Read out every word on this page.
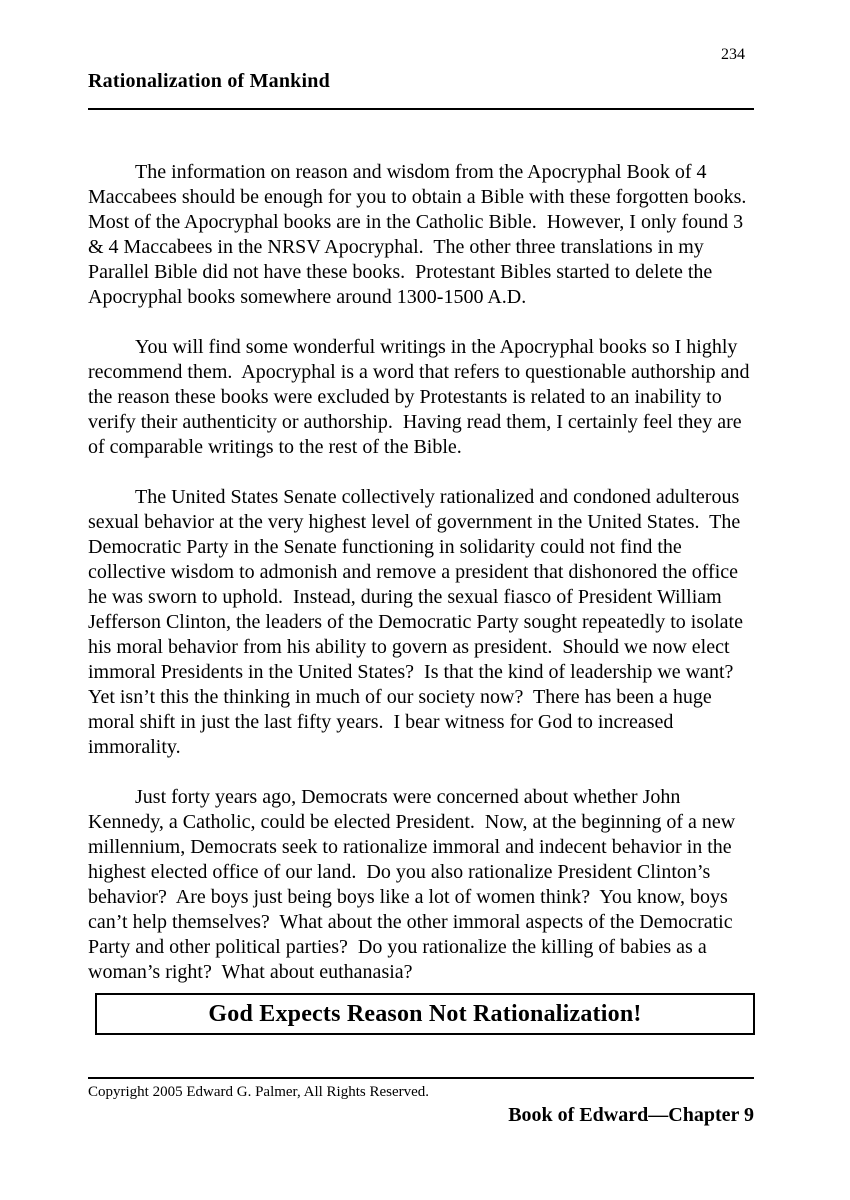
234
Rationalization of Mankind

The information on reason and wisdom from the Apocryphal Book of 4 Maccabees should be enough for you to obtain a Bible with these forgotten books.  Most of the Apocryphal books are in the Catholic Bible.  However, I only found 3 & 4 Maccabees in the NRSV Apocryphal.  The other three translations in my Parallel Bible did not have these books.  Protestant Bibles started to delete the Apocryphal books somewhere around 1300-1500 A.D.

You will find some wonderful writings in the Apocryphal books so I highly recommend them.  Apocryphal is a word that refers to questionable authorship and the reason these books were excluded by Protestants is related to an inability to verify their authenticity or authorship.  Having read them, I certainly feel they are of comparable writings to the rest of the Bible.

The United States Senate collectively rationalized and condoned adulterous sexual behavior at the very highest level of government in the United States.  The Democratic Party in the Senate functioning in solidarity could not find the collective wisdom to admonish and remove a president that dishonored the office he was sworn to uphold.  Instead, during the sexual fiasco of President William Jefferson Clinton, the leaders of the Democratic Party sought repeatedly to isolate his moral behavior from his ability to govern as president.  Should we now elect immoral Presidents in the United States?  Is that the kind of leadership we want?  Yet isn’t this the thinking in much of our society now?  There has been a huge moral shift in just the last fifty years.  I bear witness for God to increased immorality.

Just forty years ago, Democrats were concerned about whether John Kennedy, a Catholic, could be elected President.  Now, at the beginning of a new millennium, Democrats seek to rationalize immoral and indecent behavior in the highest elected office of our land.  Do you also rationalize President Clinton’s behavior?  Are boys just being boys like a lot of women think?  You know, boys can’t help themselves?  What about the other immoral aspects of the Democratic Party and other political parties?  Do you rationalize the killing of babies as a woman’s right?  What about euthanasia?

God Expects Reason Not Rationalization!
Copyright 2005 Edward G. Palmer, All Rights Reserved.
Book of Edward—Chapter 9
